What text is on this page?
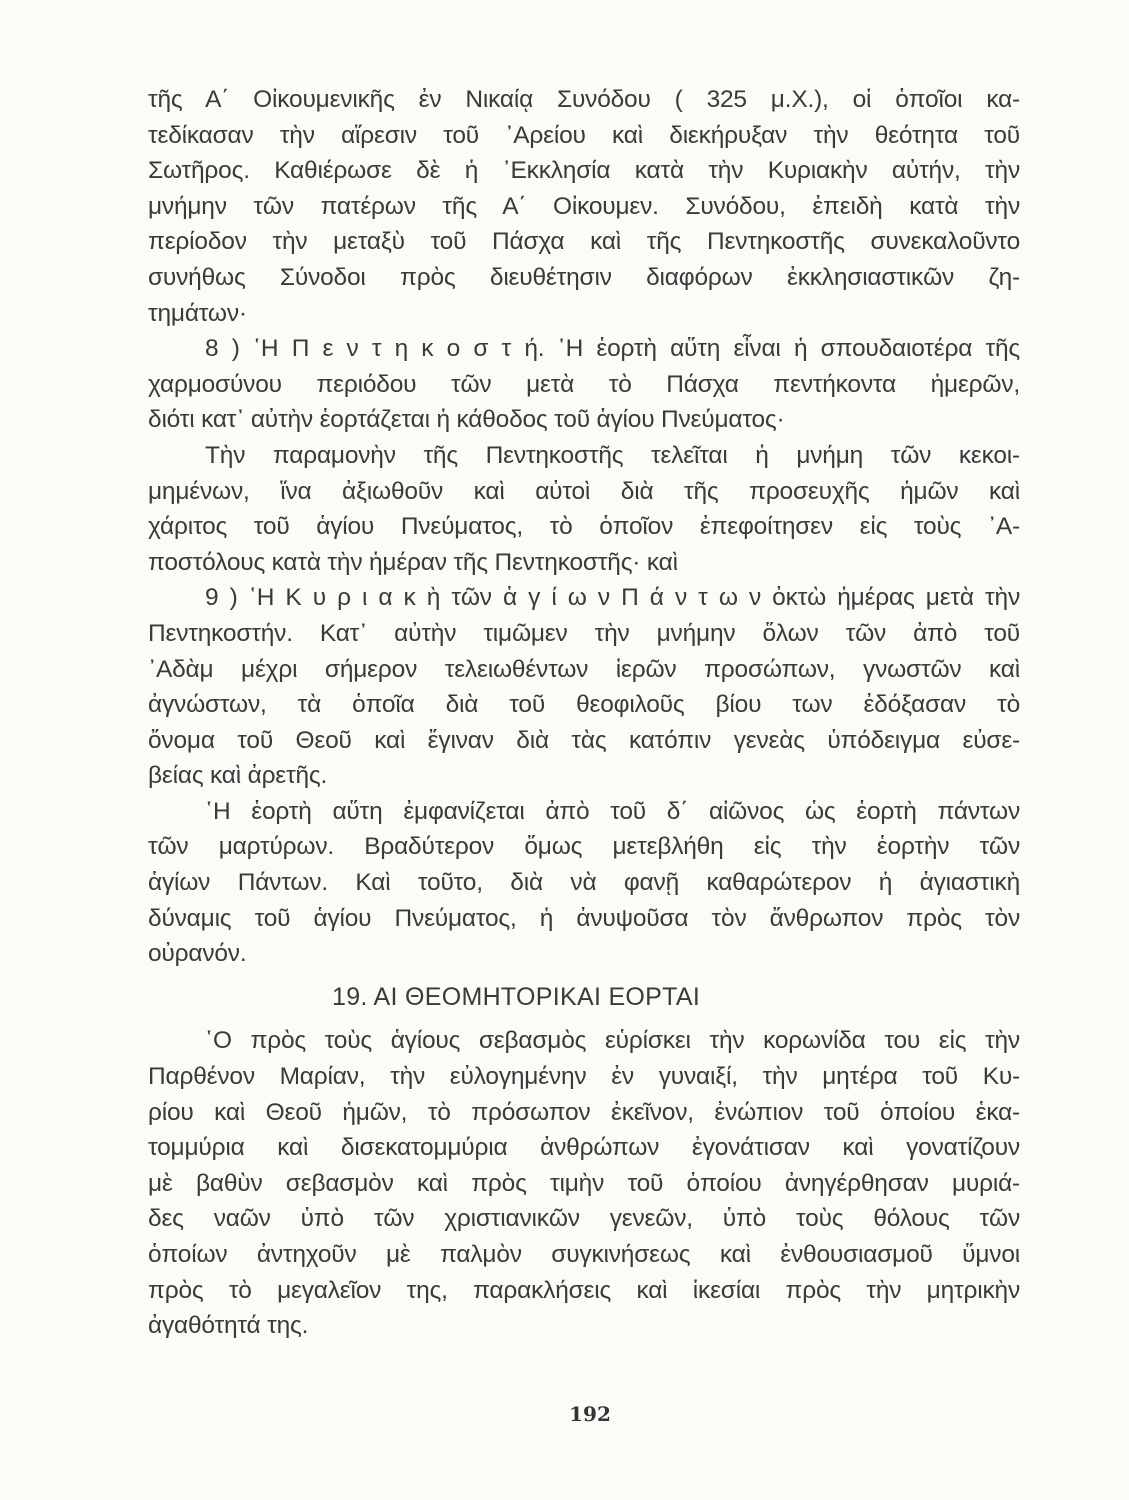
τῆς Α΄ Οἰκουμενικῆς ἐν Νικαίᾳ Συνόδου ( 325 μ.Χ.), οἱ ὁποῖοι κα-
τεδίκασαν τὴν αἵρεσιν τοῦ ᾿Αρείου καὶ διεκήρυξαν τὴν θεότητα τοῦ
Σωτῆρος. Καθιέρωσε δὲ ἡ ᾿Εκκλησία κατὰ τὴν Κυριακὴν αὐτήν, τὴν
μνήμην τῶν πατέρων τῆς Α΄ Οἰκουμεν. Συνόδου, ἐπειδὴ κατὰ τὴν
περίοδον τὴν μεταξὺ τοῦ Πάσχα καὶ τῆς Πεντηκοστῆς συνεκαλοῦντο
συνήθως Σύνοδοι πρὸς διευθέτησιν διαφόρων ἐκκλησιαστικῶν ζη-
τημάτων·
8 ) ῾Η Π ε ν τ η κ ο σ τ ή. ῾Η ἑορτὴ αὕτη εἶναι ἡ σπουδαιοτέρα τῆς
χαρμοσύνου περιόδου τῶν μετὰ τὸ Πάσχα πεντήκοντα ἡμερῶν,
διότι κατ᾿ αὐτὴν ἑορτάζεται ἡ κάθοδος τοῦ ἁγίου Πνεύματος·
Τὴν παραμονὴν τῆς Πεντηκοστῆς τελεῖται ἡ μνήμη τῶν κεκοι-
μημένων, ἵνα ἀξιωθοῦν καὶ αὐτοὶ διὰ τῆς προσευχῆς ἡμῶν καὶ
χάριτος τοῦ ἁγίου Πνεύματος, τὸ ὁποῖον ἐπεφοίτησεν εἰς τοὺς ᾿Α-
ποστόλους κατὰ τὴν ἡμέραν τῆς Πεντηκοστῆς· καὶ
9 ) ῾Η Κ υ ρ ι α κ ὴ τῶν ἁ γ ί ω ν Π ά ν τ ω ν ὀκτὼ ἡμέρας μετὰ τὴν
Πεντηκοστήν. Κατ᾿ αὐτὴν τιμῶμεν τὴν μνήμην ὅλων τῶν ἀπὸ τοῦ
᾿Αδὰμ μέχρι σήμερον τελειωθέντων ἱερῶν προσώπων, γνωστῶν καὶ
ἀγνώστων, τὰ ὁποῖα διὰ τοῦ θεοφιλοῦς βίου των ἐδόξασαν τὸ
ὄνομα τοῦ Θεοῦ καὶ ἔγιναν διὰ τὰς κατόπιν γενεὰς ὑπόδειγμα εὐσε-
βείας καὶ ἀρετῆς.
῾Η ἑορτὴ αὕτη ἐμφανίζεται ἀπὸ τοῦ δ΄ αἰῶνος ὡς ἑορτὴ πάντων
τῶν μαρτύρων. Βραδύτερον ὅμως μετεβλήθη εἰς τὴν ἑορτὴν τῶν
ἁγίων Πάντων. Καὶ τοῦτο, διὰ νὰ φανῇ καθαρώτερον ἡ ἁγιαστικὴ
δύναμις τοῦ ἁγίου Πνεύματος, ἡ ἀνυψοῦσα τὸν ἄνθρωπον πρὸς τὸν
οὐρανόν.
19. ΑΙ ΘΕΟΜΗΤΟΡΙΚΑΙ ΕΟΡΤΑΙ
῾Ο πρὸς τοὺς ἁγίους σεβασμὸς εὑρίσκει τὴν κορωνίδα του εἰς τὴν
Παρθένον Μαρίαν, τὴν εὐλογημένην ἐν γυναιξί, τὴν μητέρα τοῦ Κυ-
ρίου καὶ Θεοῦ ἡμῶν, τὸ πρόσωπον ἐκεῖνον, ἐνώπιον τοῦ ὁποίου ἑκα-
τομμύρια καὶ δισεκατομμύρια ἀνθρώπων ἐγονάτισαν καὶ γονατίζουν
μὲ βαθὺν σεβασμὸν καὶ πρὸς τιμὴν τοῦ ὁποίου ἀνηγέρθησαν μυριά-
δες ναῶν ὑπὸ τῶν χριστιανικῶν γενεῶν, ὑπὸ τοὺς θόλους τῶν
ὁποίων ἀντηχοῦν μὲ παλμὸν συγκινήσεως καὶ ἐνθουσιασμοῦ ὕμνοι
πρὸς τὸ μεγαλεῖον της, παρακλήσεις καὶ ἱκεσίαι πρὸς τὴν μητρικὴν
ἀγαθότητά της.
192
